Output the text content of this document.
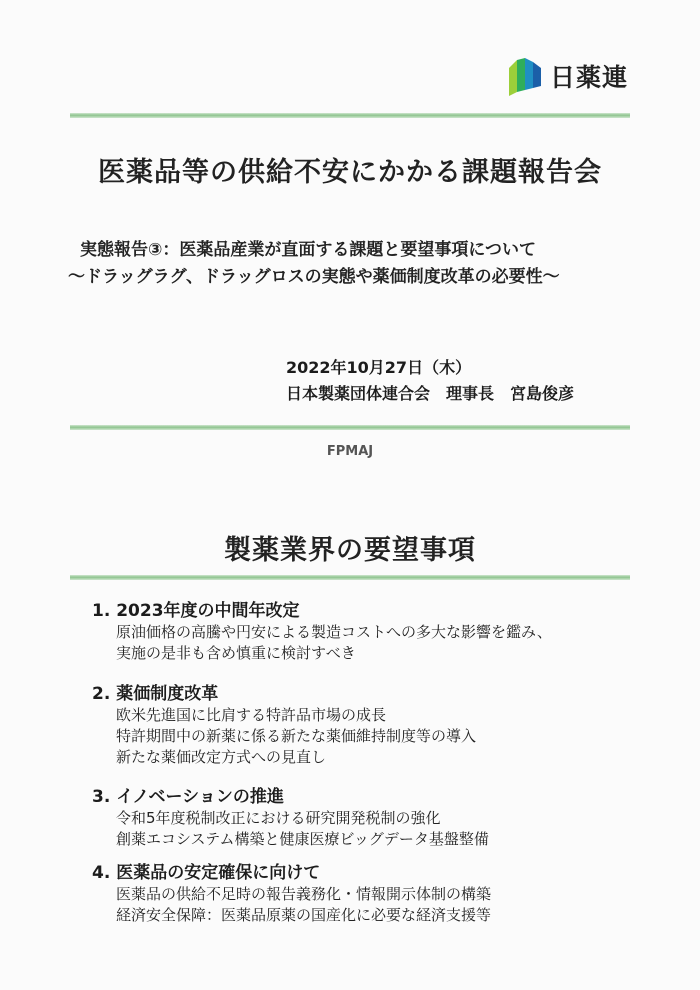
日薬連
医薬品等の供給不安にかかる課題報告会
実態報告③：医薬品産業が直面する課題と要望事項について
～ドラッグラグ、ドラッグロスの実態や薬価制度改革の必要性～
2022年10月27日（木）
日本製薬団体連合会　理事長　宮島俊彦
FPMAJ
製薬業界の要望事項
1. 2023年度の中間年改定
原油価格の高騰や円安による製造コストへの多大な影響を鑑み、
実施の是非も含め慎重に検討すべき
2. 薬価制度改革
欧米先進国に比肩する特許品市場の成長
特許期間中の新薬に係る新たな薬価維持制度等の導入
新たな薬価改定方式への見直し
3. イノベーションの推進
令和5年度税制改正における研究開発税制の強化
創薬エコシステム構築と健康医療ビッグデータ基盤整備
4. 医薬品の安定確保に向けて
医薬品の供給不足時の報告義務化・情報開示体制の構築
経済安全保障：医薬品原薬の国産化に必要な経済支援等
